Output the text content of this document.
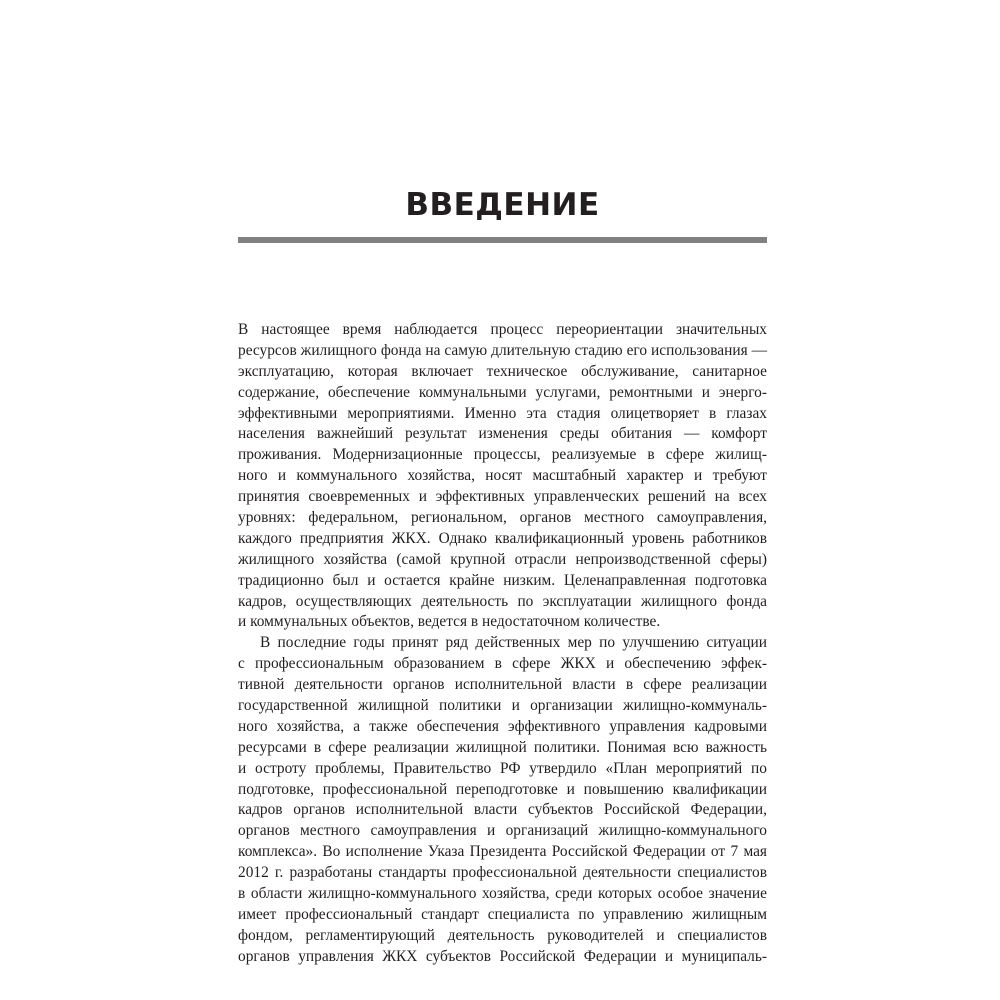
ВВЕДЕНИЕ
В настоящее время наблюдается процесс переориентации значительных
ресурсов жилищного фонда на самую длительную стадию его использования —
эксплуатацию, которая включает техническое обслуживание, санитарное
содержание, обеспечение коммунальными услугами, ремонтными и энерго-
эффективными мероприятиями. Именно эта стадия олицетворяет в глазах
населения важнейший результат изменения среды обитания — комфорт
проживания. Модернизационные процессы, реализуемые в сфере жилищ-
ного и коммунального хозяйства, носят масштабный характер и требуют
принятия своевременных и эффективных управленческих решений на всех
уровнях: федеральном, региональном, органов местного самоуправления,
каждого предприятия ЖКХ. Однако квалификационный уровень работников
жилищного хозяйства (самой крупной отрасли непроизводственной сферы)
традиционно был и остается крайне низким. Целенаправленная подготовка
кадров, осуществляющих деятельность по эксплуатации жилищного фонда
и коммунальных объектов, ведется в недостаточном количестве.
В последние годы принят ряд действенных мер по улучшению ситуации
с профессиональным образованием в сфере ЖКХ и обеспечению эффек-
тивной деятельности органов исполнительной власти в сфере реализации
государственной жилищной политики и организации жилищно-коммуналь-
ного хозяйства, а также обеспечения эффективного управления кадровыми
ресурсами в сфере реализации жилищной политики. Понимая всю важность
и остроту проблемы, Правительство РФ утвердило «План мероприятий по
подготовке, профессиональной переподготовке и повышению квалификации
кадров органов исполнительной власти субъектов Российской Федерации,
органов местного самоуправления и организаций жилищно-коммунального
комплекса». Во исполнение Указа Президента Российской Федерации от 7 мая
2012 г. разработаны стандарты профессиональной деятельности специалистов
в области жилищно-коммунального хозяйства, среди которых особое значение
имеет профессиональный стандарт специалиста по управлению жилищным
фондом, регламентирующий деятельность руководителей и специалистов
органов управления ЖКХ субъектов Российской Федерации и муниципаль-
